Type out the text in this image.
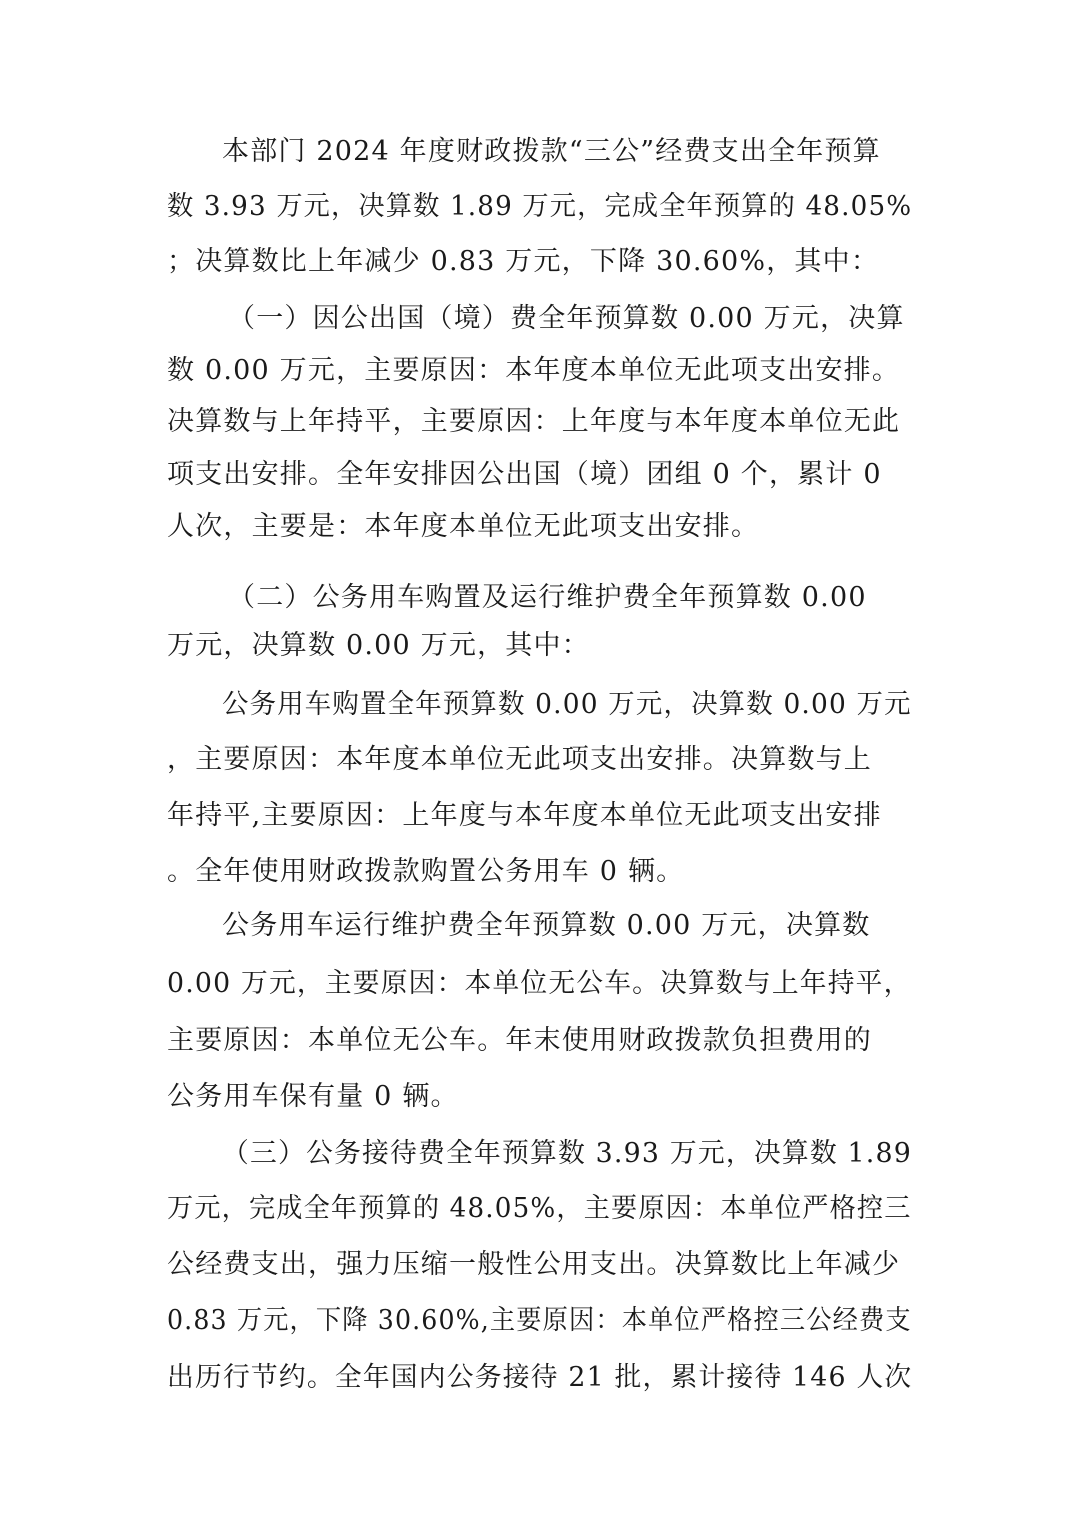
本部门 2024 年度财政拨款“三公”经费支出全年预算
数 3.93 万元，决算数 1.89 万元，完成全年预算的 48.05%
；决算数比上年减少 0.83 万元，下降 30.60%，其中：
（一）因公出国（境）费全年预算数 0.00 万元，决算
数 0.00 万元，主要原因：本年度本单位无此项支出安排。
决算数与上年持平，主要原因：上年度与本年度本单位无此
项支出安排。全年安排因公出国（境）团组 0 个，累计 0
人次，主要是：本年度本单位无此项支出安排。
（二）公务用车购置及运行维护费全年预算数 0.00
万元，决算数 0.00 万元，其中：
公务用车购置全年预算数 0.00 万元，决算数 0.00 万元
，主要原因：本年度本单位无此项支出安排。决算数与上
年持平,主要原因：上年度与本年度本单位无此项支出安排
。全年使用财政拨款购置公务用车 0 辆。
公务用车运行维护费全年预算数 0.00 万元，决算数
0.00 万元，主要原因：本单位无公车。决算数与上年持平，
主要原因：本单位无公车。年末使用财政拨款负担费用的
公务用车保有量 0 辆。
（三）公务接待费全年预算数 3.93 万元，决算数 1.89
万元，完成全年预算的 48.05%，主要原因：本单位严格控三
公经费支出，强力压缩一般性公用支出。决算数比上年减少
0.83 万元，下降 30.60%,主要原因：本单位严格控三公经费支
出历行节约。全年国内公务接待 21 批，累计接待 146 人次
